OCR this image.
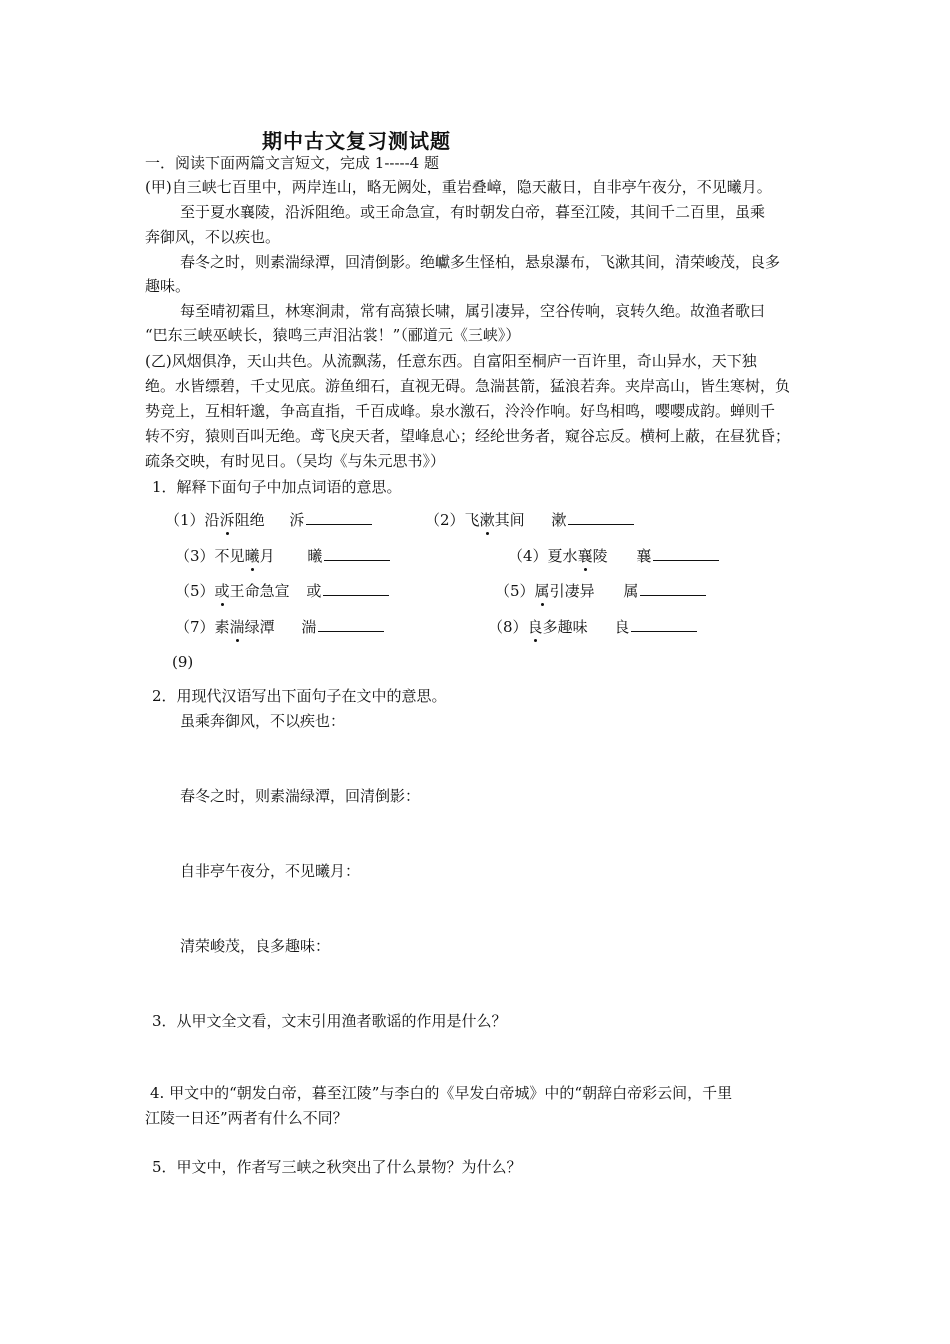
期中古文复习测试题
一．阅读下面两篇文言短文，完成 1-----4 题
(甲)自三峡七百里中，两岸连山，略无阙处，重岩叠嶂，隐天蔽日，自非亭午夜分，不见曦月。
至于夏水襄陵，沿泝阻绝。或王命急宣，有时朝发白帝，暮至江陵，其间千二百里，虽乘
奔御风，不以疾也。
春冬之时，则素湍绿潭，回清倒影。绝巘多生怪柏，悬泉瀑布，飞漱其间，清荣峻茂，良多
趣味。
每至晴初霜旦，林寒涧肃，常有高猿长啸，属引凄异，空谷传响，哀转久绝。故渔者歌曰
“巴东三峡巫峡长，猿鸣三声泪沾裳！”（郦道元《三峡》）
(乙)风烟俱净，天山共色。从流飘荡，任意东西。自富阳至桐庐一百许里，奇山异水，天下独
绝。水皆缥碧，千丈见底。游鱼细石，直视无碍。急湍甚箭，猛浪若奔。夹岸高山，皆生寒树，负
势竞上，互相轩邈，争高直指，千百成峰。泉水激石，泠泠作响。好鸟相鸣，嘤嘤成韵。蝉则千
转不穷，猿则百叫无绝。鸢飞戾天者，望峰息心；经纶世务者，窥谷忘反。横柯上蔽，在昼犹昏；
疏条交映，有时见日。（吴均《与朱元思书》）
1．解释下面句子中加点词语的意思。
（1）沿泝阻绝 泝	（2）飞漱其间 漱
（3）不见曦月 曦	（4）夏水襄陵 襄
（5）或王命急宣 或	（5）属引凄异 属
（7）素湍绿潭 湍	（8）良多趣味 良
(9)
2．用现代汉语写出下面句子在文中的意思。
虽乘奔御风，不以疾也：
春冬之时，则素湍绿潭，回清倒影：
自非亭午夜分，不见曦月：
清荣峻茂，良多趣味：
3．从甲文全文看，文末引用渔者歌谣的作用是什么？
4. 甲文中的“朝发白帝，暮至江陵”与李白的《早发白帝城》中的“朝辞白帝彩云间，千里
江陵一日还”两者有什么不同？
5．甲文中，作者写三峡之秋突出了什么景物？为什么？
